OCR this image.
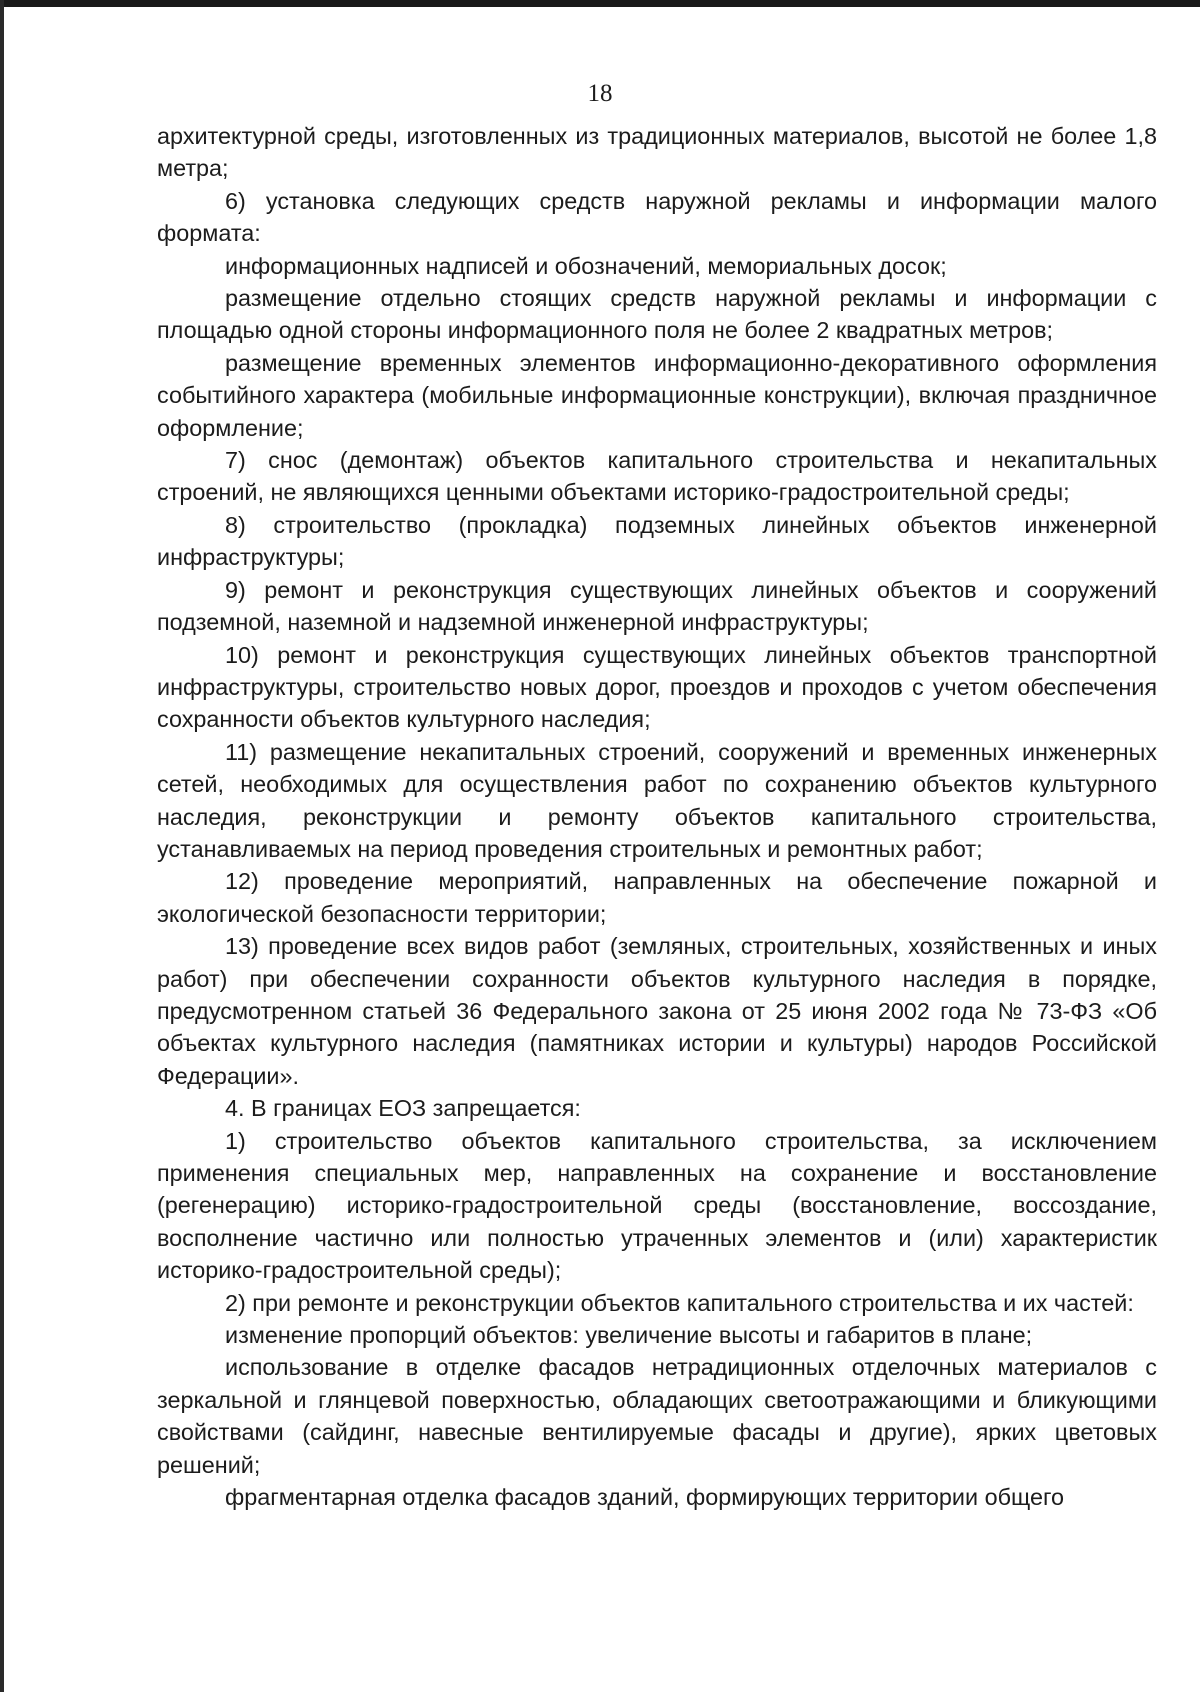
18

архитектурной среды, изготовленных из традиционных материалов, высотой не более 1,8 метра;

6) установка следующих средств наружной рекламы и информации малого формата:

информационных надписей и обозначений, мемориальных досок;

размещение отдельно стоящих средств наружной рекламы и информации с площадью одной стороны информационного поля не более 2 квадратных метров;

размещение временных элементов информационно-декоративного оформления событийного характера (мобильные информационные конструкции), включая праздничное оформление;

7) снос (демонтаж) объектов капитального строительства и некапитальных строений, не являющихся ценными объектами историко-градостроительной среды;

8) строительство (прокладка) подземных линейных объектов инженерной инфраструктуры;

9) ремонт и реконструкция существующих линейных объектов и сооружений подземной, наземной и надземной инженерной инфраструктуры;

10) ремонт и реконструкция существующих линейных объектов транспортной инфраструктуры, строительство новых дорог, проездов и проходов с учетом обеспечения сохранности объектов культурного наследия;

11) размещение некапитальных строений, сооружений и временных инженерных сетей, необходимых для осуществления работ по сохранению объектов культурного наследия, реконструкции и ремонту объектов капитального строительства, устанавливаемых на период проведения строительных и ремонтных работ;

12) проведение мероприятий, направленных на обеспечение пожарной и экологической безопасности территории;

13) проведение всех видов работ (земляных, строительных, хозяйственных и иных работ) при обеспечении сохранности объектов культурного наследия в порядке, предусмотренном статьей 36 Федерального закона от 25 июня 2002 года № 73-ФЗ «Об объектах культурного наследия (памятниках истории и культуры) народов Российской Федерации».

4. В границах ЕОЗ запрещается:

1) строительство объектов капитального строительства, за исключением применения специальных мер, направленных на сохранение и восстановление (регенерацию) историко-градостроительной среды (восстановление, воссоздание, восполнение частично или полностью утраченных элементов и (или) характеристик историко-градостроительной среды);

2) при ремонте и реконструкции объектов капитального строительства и их частей:

изменение пропорций объектов: увеличение высоты и габаритов в плане;

использование в отделке фасадов нетрадиционных отделочных материалов с зеркальной и глянцевой поверхностью, обладающих светоотражающими и бликующими свойствами (сайдинг, навесные вентилируемые фасады и другие), ярких цветовых решений;

фрагментарная отделка фасадов зданий, формирующих территории общего
